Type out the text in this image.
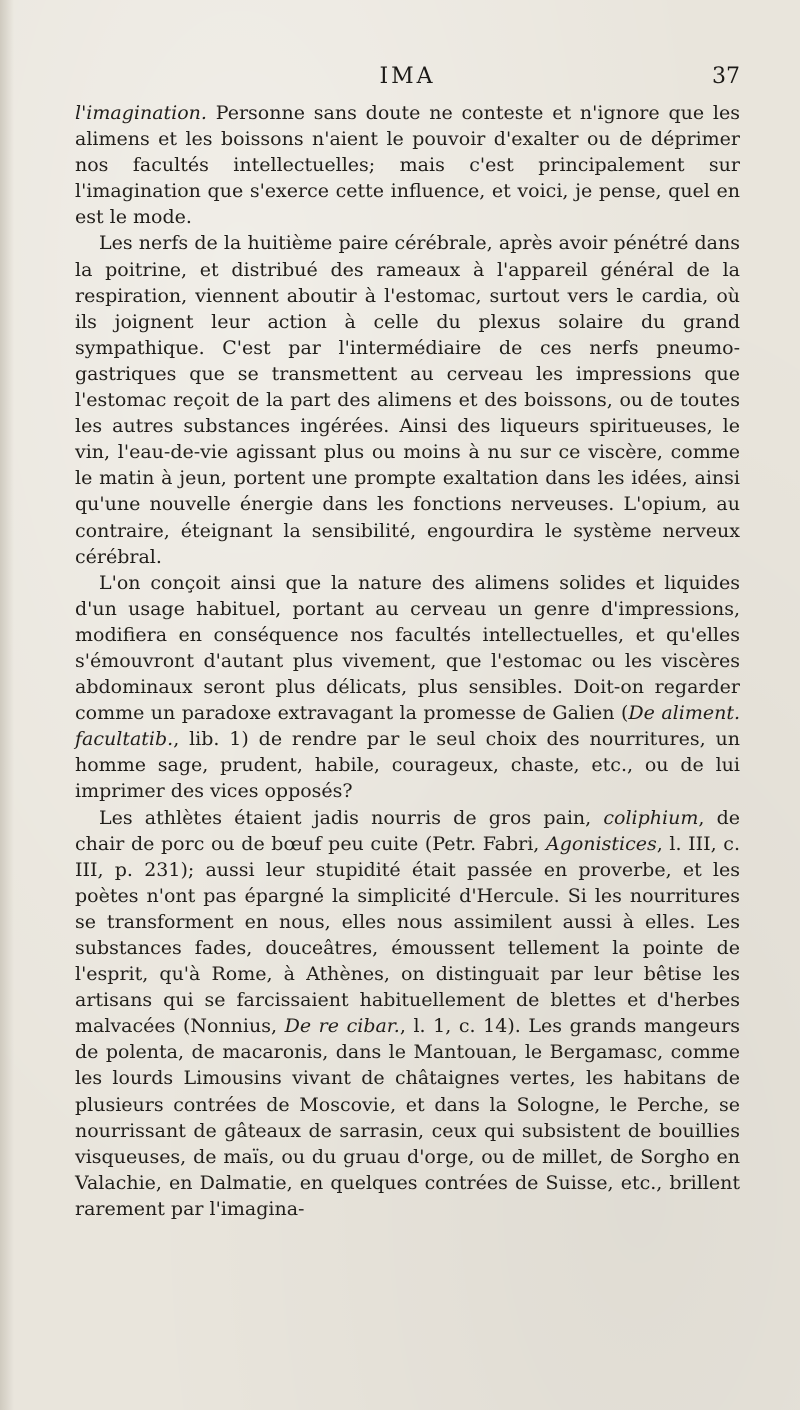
IMA	37

l'imagination. Personne sans doute ne conteste et n'ignore que les alimens et les boissons n'aient le pouvoir d'exalter ou de déprimer nos facultés intellectuelles; mais c'est principalement sur l'imagination que s'exerce cette influence, et voici, je pense, quel en est le mode.

Les nerfs de la huitième paire cérébrale, après avoir pénétré dans la poitrine, et distribué des rameaux à l'appareil général de la respiration, viennent aboutir à l'estomac, surtout vers le cardia, où ils joignent leur action à celle du plexus solaire du grand sympathique. C'est par l'intermédiaire de ces nerfs pneumo-gastriques que se transmettent au cerveau les impressions que l'estomac reçoit de la part des alimens et des boissons, ou de toutes les autres substances ingérées. Ainsi des liqueurs spiritueuses, le vin, l'eau-de-vie agissant plus ou moins à nu sur ce viscère, comme le matin à jeun, portent une prompte exaltation dans les idées, ainsi qu'une nouvelle énergie dans les fonctions nerveuses. L'opium, au contraire, éteignant la sensibilité, engourdira le système nerveux cérébral.

L'on conçoit ainsi que la nature des alimens solides et liquides d'un usage habituel, portant au cerveau un genre d'impressions, modifiera en conséquence nos facultés intellectuelles, et qu'elles s'émouvront d'autant plus vivement, que l'estomac ou les viscères abdominaux seront plus délicats, plus sensibles. Doit-on regarder comme un paradoxe extravagant la promesse de Galien (De aliment. facultatib., lib. 1) de rendre par le seul choix des nourritures, un homme sage, prudent, habile, courageux, chaste, etc., ou de lui imprimer des vices opposés?

Les athlètes étaient jadis nourris de gros pain, coliphium, de chair de porc ou de bœuf peu cuite (Petr. Fabri, Agonistices, l. III, c. III, p. 231); aussi leur stupidité était passée en proverbe, et les poètes n'ont pas épargné la simplicité d'Hercule. Si les nourritures se transforment en nous, elles nous assimilent aussi à elles. Les substances fades, douceâtres, émoussent tellement la pointe de l'esprit, qu'à Rome, à Athènes, on distinguait par leur bêtise les artisans qui se farcissaient habituellement de blettes et d'herbes malvacées (Nonnius, De re cibar., l. 1, c. 14). Les grands mangeurs de polenta, de macaronis, dans le Mantouan, le Bergamasc, comme les lourds Limousins vivant de châtaignes vertes, les habitans de plusieurs contrées de Moscovie, et dans la Sologne, le Perche, se nourrissant de gâteaux de sarrasin, ceux qui subsistent de bouillies visqueuses, de maïs, ou du gruau d'orge, ou de millet, de Sorgho en Valachie, en Dalmatie, en quelques contrées de Suisse, etc., brillent rarement par l'imagina-
